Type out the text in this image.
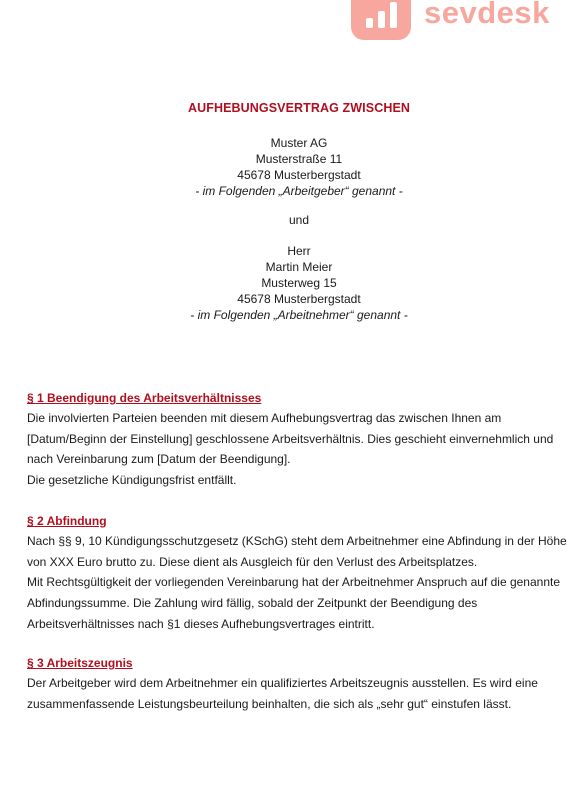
sevdesk
AUFHEBUNGSVERTRAG ZWISCHEN
Muster AG
Musterstraße 11
45678 Musterbergstadt
- im Folgenden „Arbeitgeber“ genannt -
und
Herr
Martin Meier
Musterweg 15
45678 Musterbergstadt
- im Folgenden „Arbeitnehmer“ genannt -
§ 1 Beendigung des Arbeitsverhältnisses

Die involvierten Parteien beenden mit diesem Aufhebungsvertrag das zwischen Ihnen am

[Datum/Beginn der Einstellung] geschlossene Arbeitsverhältnis. Dies geschieht einvernehmlich und

nach Vereinbarung zum [Datum der Beendigung].

Die gesetzliche Kündigungsfrist entfällt.

§ 2 Abfindung

Nach §§ 9, 10 Kündigungsschutzgesetz (KSchG) steht dem Arbeitnehmer eine Abfindung in der Höhe

von XXX Euro brutto zu. Diese dient als Ausgleich für den Verlust des Arbeitsplatzes.

Mit Rechtsgültigkeit der vorliegenden Vereinbarung hat der Arbeitnehmer Anspruch auf die genannte

Abfindungssumme. Die Zahlung wird fällig, sobald der Zeitpunkt der Beendigung des

Arbeitsverhältnisses nach §1 dieses Aufhebungsvertrages eintritt.

§ 3 Arbeitszeugnis

Der Arbeitgeber wird dem Arbeitnehmer ein qualifiziertes Arbeitszeugnis ausstellen. Es wird eine

zusammenfassende Leistungsbeurteilung beinhalten, die sich als „sehr gut“ einstufen lässt.
